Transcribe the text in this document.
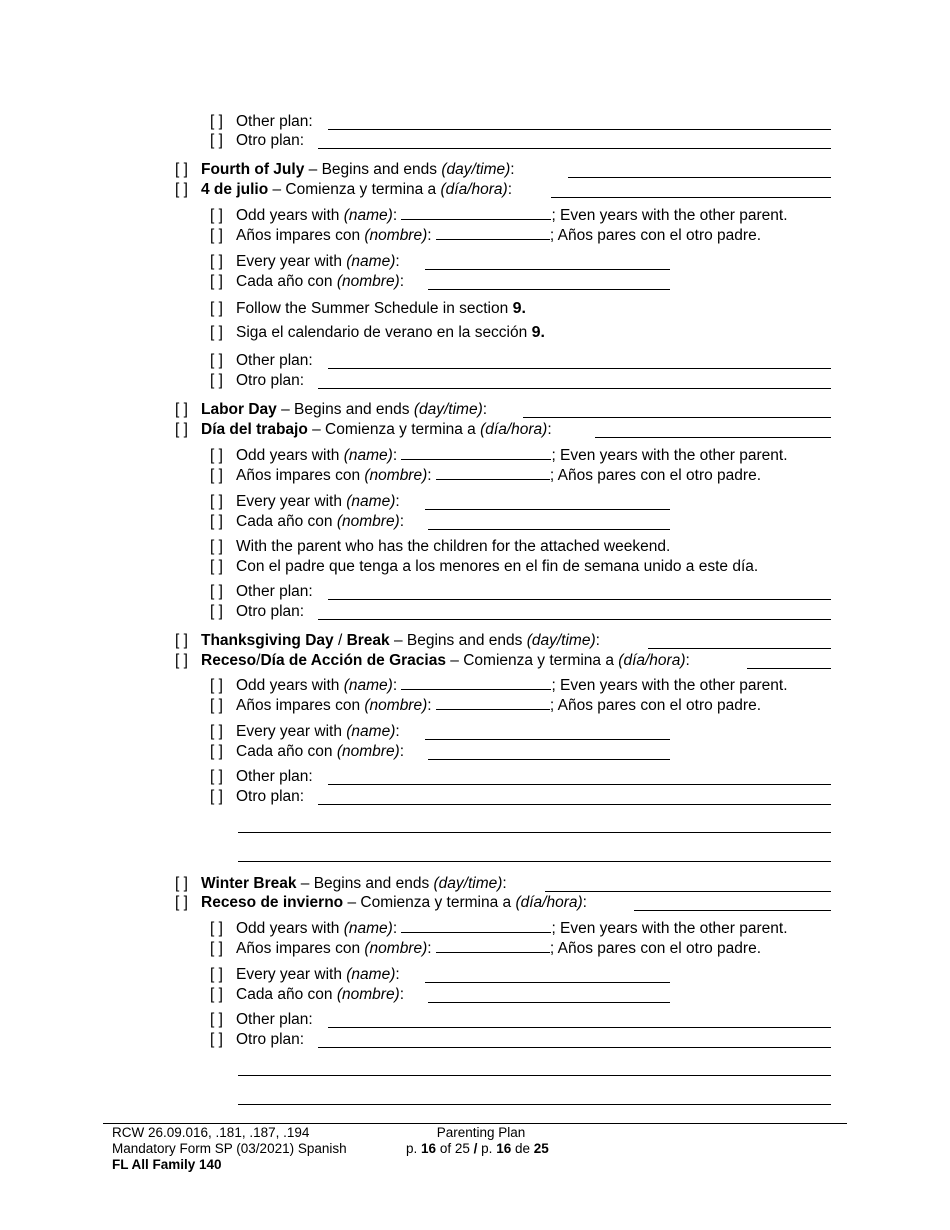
[ ] Other plan:
[ ] Otro plan:
[ ] Fourth of July – Begins and ends (day/time):
[ ] 4 de julio – Comienza y termina a (día/hora):
[ ] Odd years with (name):	; Even years with the other parent.
[ ] Años impares con (nombre):	; Años pares con el otro padre.
[ ] Every year with (name):
[ ] Cada año con (nombre):
[ ] Follow the Summer Schedule in section 9.
[ ] Siga el calendario de verano en la sección 9.
[ ] Other plan:
[ ] Otro plan:
[ ] Labor Day – Begins and ends (day/time):
[ ] Día del trabajo – Comienza y termina a (día/hora):
[ ] Odd years with (name):	; Even years with the other parent.
[ ] Años impares con (nombre):	; Años pares con el otro padre.
[ ] Every year with (name):
[ ] Cada año con (nombre):
[ ] With the parent who has the children for the attached weekend.
[ ] Con el padre que tenga a los menores en el fin de semana unido a este día.
[ ] Other plan:
[ ] Otro plan:
[ ] Thanksgiving Day / Break – Begins and ends (day/time):
[ ] Receso/Día de Acción de Gracias – Comienza y termina a (día/hora):
[ ] Odd years with (name):	; Even years with the other parent.
[ ] Años impares con (nombre):	; Años pares con el otro padre.
[ ] Every year with (name):
[ ] Cada año con (nombre):
[ ] Other plan:
[ ] Otro plan:
[ ] Winter Break – Begins and ends (day/time):
[ ] Receso de invierno – Comienza y termina a (día/hora):
[ ] Odd years with (name):	; Even years with the other parent.
[ ] Años impares con (nombre):	; Años pares con el otro padre.
[ ] Every year with (name):
[ ] Cada año con (nombre):
[ ] Other plan:
[ ] Otro plan:
RCW 26.09.016, .181, .187, .194
Mandatory Form SP (03/2021) Spanish
FL All Family 140
Parenting Plan
p. 16 of 25 / p. 16 de 25
